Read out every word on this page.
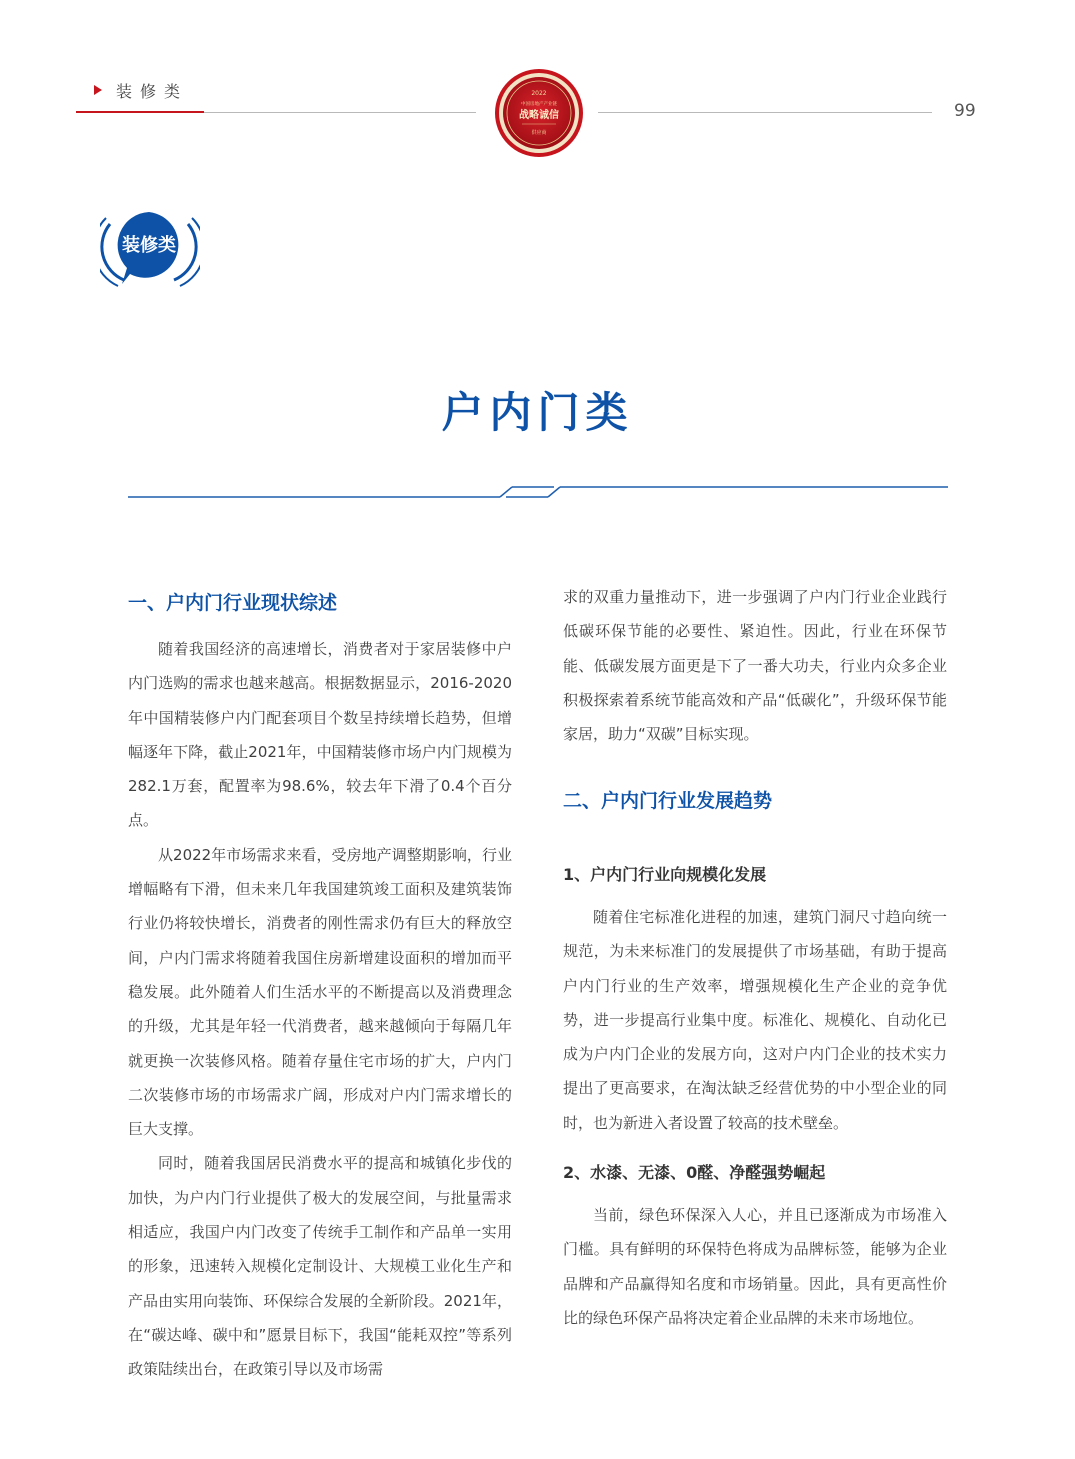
装修类
99
2022
中国房地产产业链
战略诚信
供应商
装修类
户内门类
一、户内门行业现状综述

随着我国经济的高速增长，消费者对于家居装修中户内门选购的需求也越来越高。根据数据显示，2016-2020年中国精装修户内门配套项目个数呈持续增长趋势，但增幅逐年下降，截止2021年，中国精装修市场户内门规模为282.1万套，配置率为98.6%，较去年下滑了0.4个百分点。

从2022年市场需求来看，受房地产调整期影响，行业增幅略有下滑，但未来几年我国建筑竣工面积及建筑装饰行业仍将较快增长，消费者的刚性需求仍有巨大的释放空间，户内门需求将随着我国住房新增建设面积的增加而平稳发展。此外随着人们生活水平的不断提高以及消费理念的升级，尤其是年轻一代消费者，越来越倾向于每隔几年就更换一次装修风格。随着存量住宅市场的扩大，户内门二次装修市场的市场需求广阔，形成对户内门需求增长的巨大支撑。

同时，随着我国居民消费水平的提高和城镇化步伐的加快，为户内门行业提供了极大的发展空间，与批量需求相适应，我国户内门改变了传统手工制作和产品单一实用的形象，迅速转入规模化定制设计、大规模工业化生产和产品由实用向装饰、环保综合发展的全新阶段。2021年，在“碳达峰、碳中和”愿景目标下，我国“能耗双控”等系列政策陆续出台，在政策引导以及市场需

求的双重力量推动下，进一步强调了户内门行业企业践行低碳环保节能的必要性、紧迫性。因此，行业在环保节能、低碳发展方面更是下了一番大功夫，行业内众多企业积极探索着系统节能高效和产品“低碳化”，升级环保节能家居，助力“双碳”目标实现。

二、户内门行业发展趋势
1、户内门行业向规模化发展

随着住宅标准化进程的加速，建筑门洞尺寸趋向统一规范，为未来标准门的发展提供了市场基础，有助于提高户内门行业的生产效率，增强规模化生产企业的竞争优势，进一步提高行业集中度。标准化、规模化、自动化已成为户内门企业的发展方向，这对户内门企业的技术实力提出了更高要求，在淘汰缺乏经营优势的中小型企业的同时，也为新进入者设置了较高的技术壁垒。

2、水漆、无漆、0醛、净醛强势崛起

当前，绿色环保深入人心，并且已逐渐成为市场准入门槛。具有鲜明的环保特色将成为品牌标签，能够为企业品牌和产品赢得知名度和市场销量。因此，具有更高性价比的绿色环保产品将决定着企业品牌的未来市场地位。
